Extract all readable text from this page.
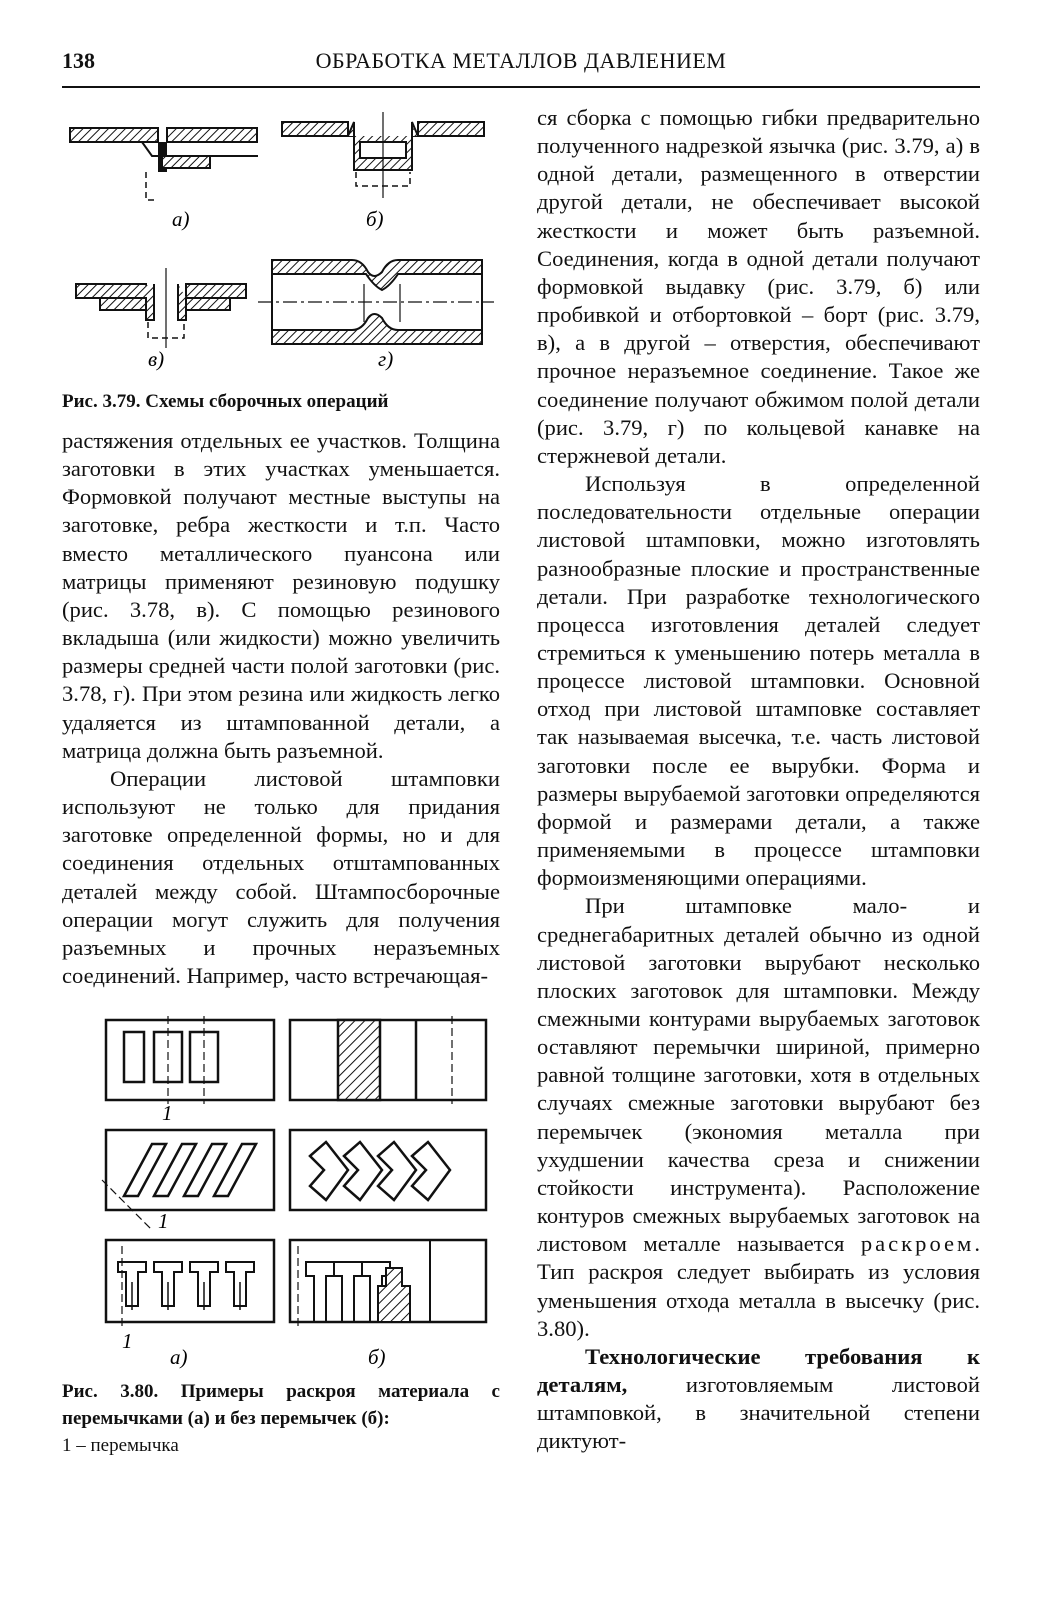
138	ОБРАБОТКА МЕТАЛЛОВ ДАВЛЕНИЕМ
а)	б)
в)	г)
Рис. 3.79. Схемы сборочных операций

растяжения отдельных ее участков. Толщина заготовки в этих участках уменьшается. Формовкой получают местные выступы на заготовке, ребра жесткости и т.п. Часто вместо металлического пуансона или матрицы применяют резиновую подушку (рис. 3.78, в). С помощью резинового вкладыша (или жидкости) можно увеличить размеры средней части полой заготовки (рис. 3.78, г). При этом резина или жидкость легко удаляется из штампованной детали, а матрица должна быть разъемной.

Операции листовой штамповки используют не только для придания заготовке определенной формы, но и для соединения отдельных отштампованных деталей между собой. Штампосборочные операции могут служить для получения разъемных и прочных неразъемных соединений. Например, часто встречающая-

1
1
1
а)	б)
Рис. 3.80. Примеры раскроя материала с перемычками (а) и без перемычек (б):
1 – перемычка

ся сборка с помощью гибки предварительно полученного надрезкой язычка (рис. 3.79, а) в одной детали, размещенного в отверстии другой детали, не обеспечивает высокой жесткости и может быть разъемной. Соединения, когда в одной детали получают формовкой выдавку (рис. 3.79, б) или пробивкой и отбортовкой – борт (рис. 3.79, в), а в другой – отверстия, обеспечивают прочное неразъемное соединение. Такое же соединение получают обжимом полой детали (рис. 3.79, г) по кольцевой канавке на стержневой детали.

Используя в определенной последовательности отдельные операции листовой штамповки, можно изготовлять разнообразные плоские и пространственные детали. При разработке технологического процесса изготовления деталей следует стремиться к уменьшению потерь металла в процессе листовой штамповки. Основной отход при листовой штамповке составляет так называемая высечка, т.е. часть листовой заготовки после ее вырубки. Форма и размеры вырубаемой заготовки определяются формой и размерами детали, а также применяемыми в процессе штамповки формоизменяющими операциями.

При штамповке мало- и среднегабаритных деталей обычно из одной листовой заготовки вырубают несколько плоских заготовок для штамповки. Между смежными контурами вырубаемых заготовок оставляют перемычки шириной, примерно равной толщине заготовки, хотя в отдельных случаях смежные заготовки вырубают без перемычек (экономия металла при ухудшении качества среза и снижении стойкости инструмента). Расположение контуров смежных вырубаемых заготовок на листовом металле называется раскроем. Тип раскроя следует выбирать из условия уменьшения отхода металла в высечку (рис. 3.80).

Технологические требования к деталям, изготовляемым листовой штамповкой, в значительной степени диктуют-
